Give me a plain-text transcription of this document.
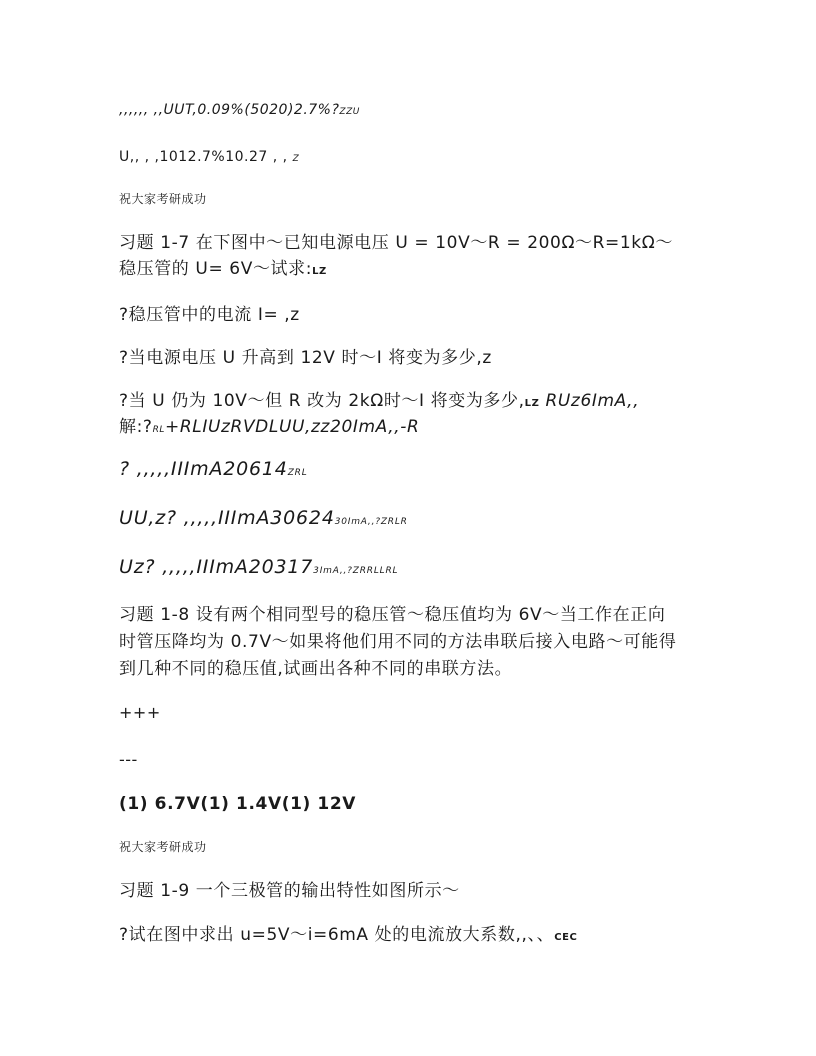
,,,,,, ,,UUT,0.09%(5020)2.7%?ZZU
U,, , ,1012.7%10.27 , , Z
祝大家考研成功
习题 1-7 在下图中～已知电源电压 U = 10V～R = 200Ω～R=1kΩ～
稳压管的 U= 6V～试求:LZ
?稳压管中的电流 I= ,z
?当电源电压 U 升高到 12V 时～I 将变为多少,z
?当 U 仍为 10V～但 R 改为 2kΩ时～I 将变为多少,LZ RUz6ImA,,
解:?RL+RLIUzRVDLUU,zz20ImA,,-R
? ,,,,,IIImA20614ZRL
UU,z? ,,,,,IIImA3062430ImA,,?ZRLR
Uz? ,,,,,IIImA203173ImA,,?ZRRLLRL
习题 1-8 设有两个相同型号的稳压管～稳压值均为 6V～当工作在正向
时管压降均为 0.7V～如果将他们用不同的方法串联后接入电路～可能得
到几种不同的稳压值,试画出各种不同的串联方法。
+++
---
(1) 6.7V(1) 1.4V(1) 12V
祝大家考研成功
习题 1-9 一个三极管的输出特性如图所示～
?试在图中求出 u=5V～i=6mA 处的电流放大系数,,、、CEC
